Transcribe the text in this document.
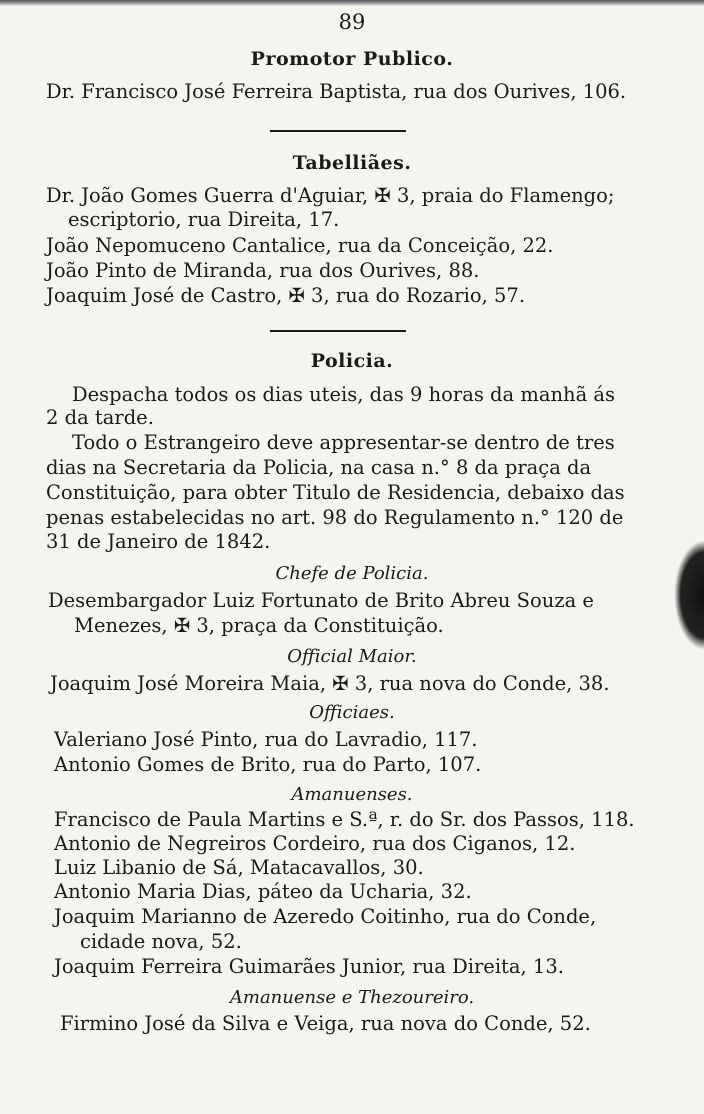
89
Promotor Publico.
Dr. Francisco José Ferreira Baptista, rua dos Ourives, 106.
Tabelliães.
Dr. João Gomes Guerra d'Aguiar, ✠ 3, praia do Flamengo;
escriptorio, rua Direita, 17.
João Nepomuceno Cantalice, rua da Conceição, 22.
João Pinto de Miranda, rua dos Ourives, 88.
Joaquim José de Castro, ✠ 3, rua do Rozario, 57.
Policia.
Despacha todos os dias uteis, das 9 horas da manhã ás
2 da tarde.
Todo o Estrangeiro deve appresentar-se dentro de tres
dias na Secretaria da Policia, na casa n.° 8 da praça da
Constituição, para obter Titulo de Residencia, debaixo das
penas estabelecidas no art. 98 do Regulamento n.° 120 de
31 de Janeiro de 1842.
Chefe de Policia.
Desembargador Luiz Fortunato de Brito Abreu Souza e
Menezes, ✠ 3, praça da Constituição.
Official Maior.
Joaquim José Moreira Maia, ✠ 3, rua nova do Conde, 38.
Officiaes.
Valeriano José Pinto, rua do Lavradio, 117.
Antonio Gomes de Brito, rua do Parto, 107.
Amanuenses.
Francisco de Paula Martins e S.ª, r. do Sr. dos Passos, 118.
Antonio de Negreiros Cordeiro, rua dos Ciganos, 12.
Luiz Libanio de Sá, Matacavallos, 30.
Antonio Maria Dias, páteo da Ucharia, 32.
Joaquim Marianno de Azeredo Coitinho, rua do Conde,
cidade nova, 52.
Joaquim Ferreira Guimarães Junior, rua Direita, 13.
Amanuense e Thezoureiro.
Firmino José da Silva e Veiga, rua nova do Conde, 52.
